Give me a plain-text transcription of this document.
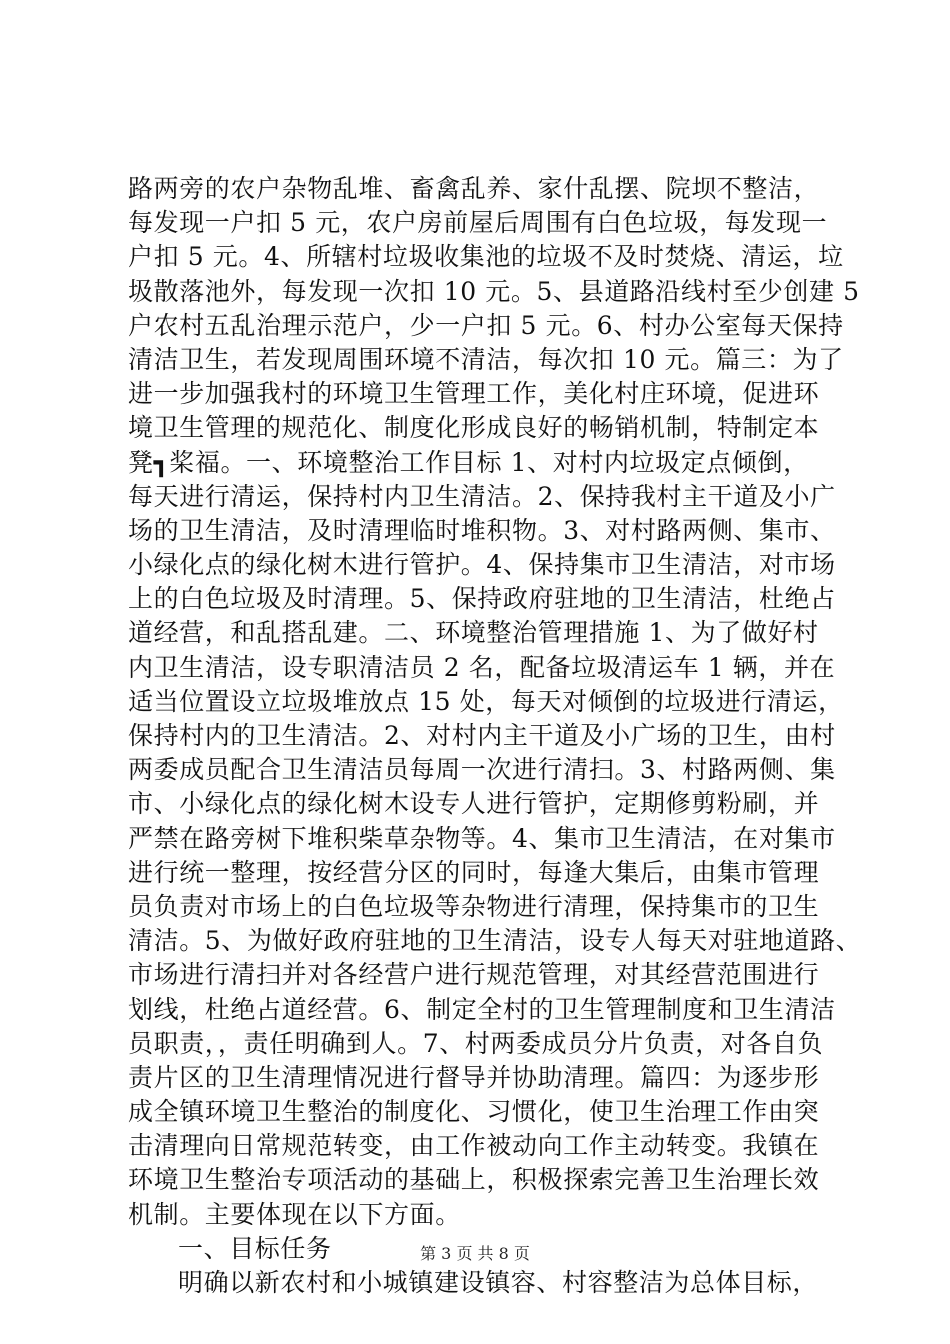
路两旁的农户杂物乱堆、畜禽乱养、家什乱摆、院坝不整洁，
每发现一户扣 5 元，农户房前屋后周围有白色垃圾，每发现一
户扣 5 元。4、所辖村垃圾收集池的垃圾不及时焚烧、清运，垃
圾散落池外，每发现一次扣 10 元。5、县道路沿线村至少创建 5
户农村五乱治理示范户，少一户扣 5 元。6、村办公室每天保持
清洁卫生，若发现周围环境不清洁，每次扣 10 元。篇三：为了
进一步加强我村的环境卫生管理工作，美化村庄环境，促进环
境卫生管理的规范化、制度化形成良好的畅销机制，特制定本
凳┓桨福。一、环境整治工作目标 1、对村内垃圾定点倾倒，
每天进行清运，保持村内卫生清洁。2、保持我村主干道及小广
场的卫生清洁，及时清理临时堆积物。3、对村路两侧、集市、
小绿化点的绿化树木进行管护。4、保持集市卫生清洁，对市场
上的白色垃圾及时清理。5、保持政府驻地的卫生清洁，杜绝占
道经营，和乱搭乱建。二、环境整治管理措施 1、为了做好村
内卫生清洁，设专职清洁员 2 名，配备垃圾清运车 1 辆，并在
适当位置设立垃圾堆放点 15 处，每天对倾倒的垃圾进行清运，
保持村内的卫生清洁。2、对村内主干道及小广场的卫生，由村
两委成员配合卫生清洁员每周一次进行清扫。3、村路两侧、集
市、小绿化点的绿化树木设专人进行管护，定期修剪粉刷，并
严禁在路旁树下堆积柴草杂物等。4、集市卫生清洁，在对集市
进行统一整理，按经营分区的同时，每逢大集后，由集市管理
员负责对市场上的白色垃圾等杂物进行清理，保持集市的卫生
清洁。5、为做好政府驻地的卫生清洁，设专人每天对驻地道路、
市场进行清扫并对各经营户进行规范管理，对其经营范围进行
划线，杜绝占道经营。6、制定全村的卫生管理制度和卫生清洁
员职责，，责任明确到人。7、村两委成员分片负责，对各自负
责片区的卫生清理情况进行督导并协助清理。篇四：为逐步形
成全镇环境卫生整治的制度化、习惯化，使卫生治理工作由突
击清理向日常规范转变，由工作被动向工作主动转变。我镇在
环境卫生整治专项活动的基础上，积极探索完善卫生治理长效
机制。主要体现在以下方面。
一、目标任务
明确以新农村和小城镇建设镇容、村容整洁为总体目标，
第 3 页 共 8 页
